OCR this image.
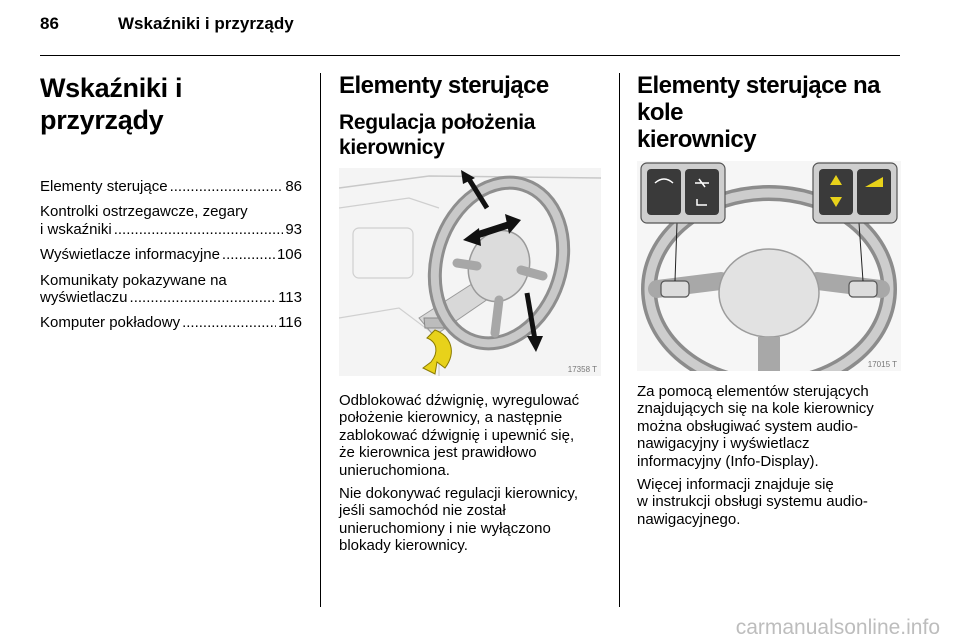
86	Wskaźniki i przyrządy
Wskaźniki i przyrządy
Elementy sterujące .....	86
Kontrolki ostrzegawcze, zegary
i wskaźniki .....	93
Wyświetlacze informacyjne .....	106
Komunikaty pokazywane na
wyświetlaczu .....	113
Komputer pokładowy .....	116
Elementy sterujące
Regulacja położenia
kierownicy
17358 T

Odblokować dźwignię, wyregulować
położenie kierownicy, a następnie
zablokować dźwignię i upewnić się,
że kierownica jest prawidłowo
unieruchomiona.

Nie dokonywać regulacji kierownicy,
jeśli samochód nie został
unieruchomiony i nie wyłączono
blokady kierownicy.

Elementy sterujące na kole
kierownicy
17015 T

Za pomocą elementów sterujących
znajdujących się na kole kierownicy
można obsługiwać system audio-
nawigacyjny i wyświetlacz
informacyjny (Info-Display).

Więcej informacji znajduje się
w instrukcji obsługi systemu audio-
nawigacyjnego.

carmanualsonline.info
